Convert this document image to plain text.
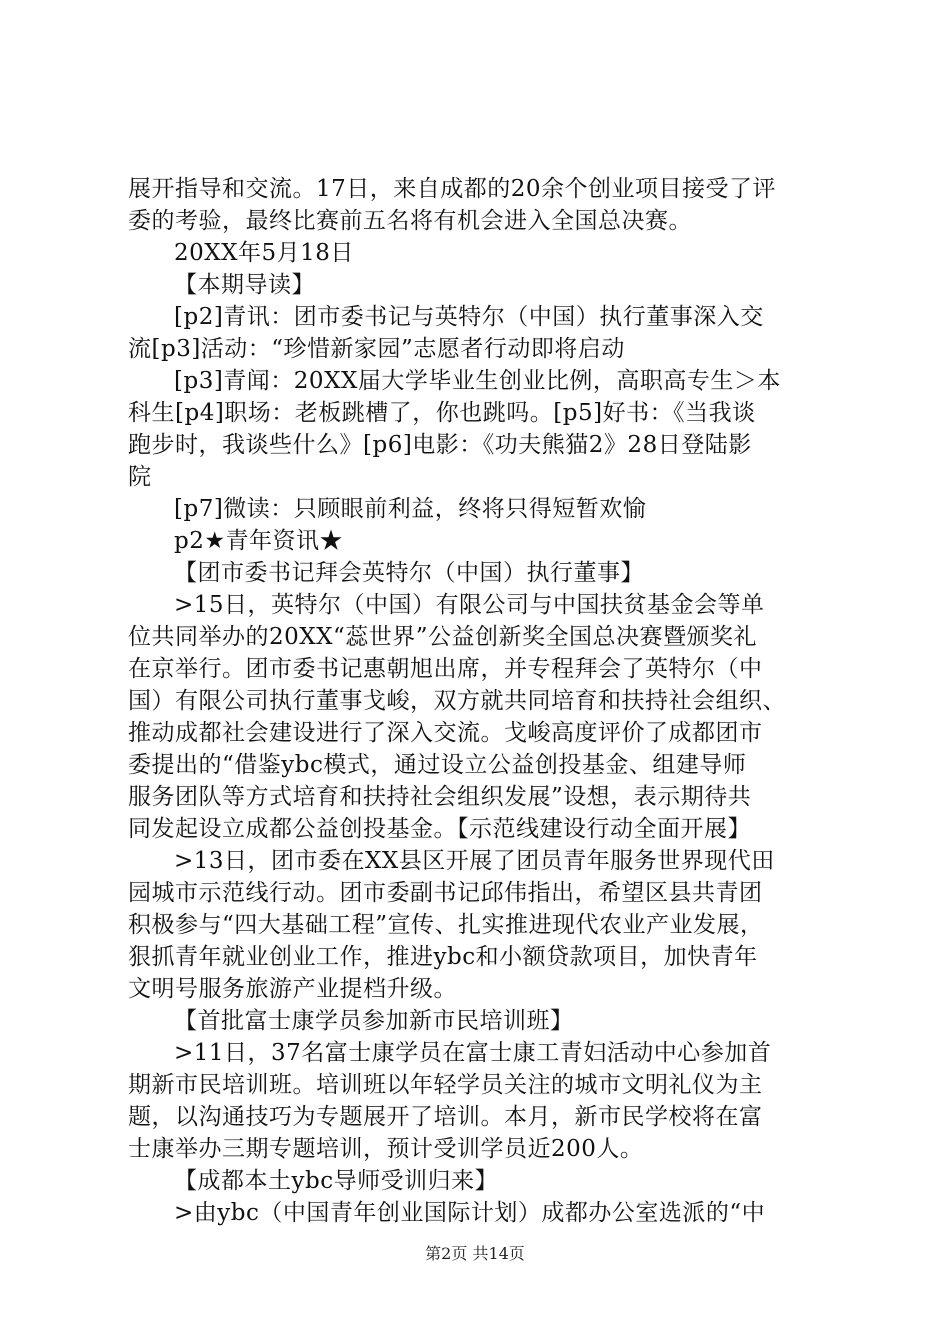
展开指导和交流。17日，来自成都的20余个创业项目接受了评
委的考验，最终比赛前五名将有机会进入全国总决赛。
20XX年5月18日
【本期导读】
[p2]青讯：团市委书记与英特尔（中国）执行董事深入交
流[p3]活动：“珍惜新家园”志愿者行动即将启动
[p3]青闻：20XX届大学毕业生创业比例，高职高专生＞本
科生[p4]职场：老板跳槽了，你也跳吗。[p5]好书：《当我谈
跑步时，我谈些什么》[p6]电影：《功夫熊猫2》28日登陆影
院
[p7]微读：只顾眼前利益，终将只得短暂欢愉
p2★青年资讯★
【团市委书记拜会英特尔（中国）执行董事】
>15日，英特尔（中国）有限公司与中国扶贫基金会等单
位共同举办的20XX“蕊世界”公益创新奖全国总决赛暨颁奖礼
在京举行。团市委书记惠朝旭出席，并专程拜会了英特尔（中
国）有限公司执行董事戈峻，双方就共同培育和扶持社会组织、
推动成都社会建设进行了深入交流。戈峻高度评价了成都团市
委提出的“借鉴ybc模式，通过设立公益创投基金、组建导师
服务团队等方式培育和扶持社会组织发展”设想，表示期待共
同发起设立成都公益创投基金。【示范线建设行动全面开展】
>13日，团市委在XX县区开展了团员青年服务世界现代田
园城市示范线行动。团市委副书记邱伟指出，希望区县共青团
积极参与“四大基础工程”宣传、扎实推进现代农业产业发展，
狠抓青年就业创业工作，推进ybc和小额贷款项目，加快青年
文明号服务旅游产业提档升级。
【首批富士康学员参加新市民培训班】
>11日，37名富士康学员在富士康工青妇活动中心参加首
期新市民培训班。培训班以年轻学员关注的城市文明礼仪为主
题，以沟通技巧为专题展开了培训。本月，新市民学校将在富
士康举办三期专题培训，预计受训学员近200人。
【成都本土ybc导师受训归来】
>由ybc（中国青年创业国际计划）成都办公室选派的“中
第2页 共14页
